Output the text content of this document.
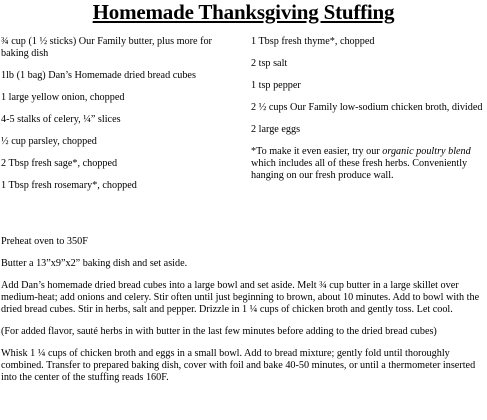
Homemade Thanksgiving Stuffing

¾ cup (1 ½ sticks) Our Family butter, plus more for baking dish

1lb (1 bag) Dan’s Homemade dried bread cubes

1 large yellow onion, chopped

4-5 stalks of celery, ¼” slices

½ cup parsley, chopped

2 Tbsp fresh sage*, chopped

1 Tbsp fresh rosemary*, chopped

1 Tbsp fresh thyme*, chopped

2 tsp salt

1 tsp pepper

2 ½ cups Our Family low-sodium chicken broth, divided

2 large eggs

*To make it even easier, try our organic poultry blend which includes all of these fresh herbs. Conveniently hanging on our fresh produce wall.

Preheat oven to 350F

Butter a 13”x9”x2” baking dish and set aside.

Add Dan’s homemade dried bread cubes into a large bowl and set aside. Melt ¾ cup butter in a large skillet over medium-heat; add onions and celery. Stir often until just beginning to brown, about 10 minutes. Add to bowl with the dried bread cubes. Stir in herbs, salt and pepper. Drizzle in 1 ¼ cups of chicken broth and gently toss. Let cool.

(For added flavor, sauté herbs in with butter in the last few minutes before adding to the dried bread cubes)

Whisk 1 ¼ cups of chicken broth and eggs in a small bowl. Add to bread mixture; gently fold until thoroughly combined. Transfer to prepared baking dish, cover with foil and bake 40-50 minutes, or until a thermometer inserted into the center of the stuffing reads 160F.
